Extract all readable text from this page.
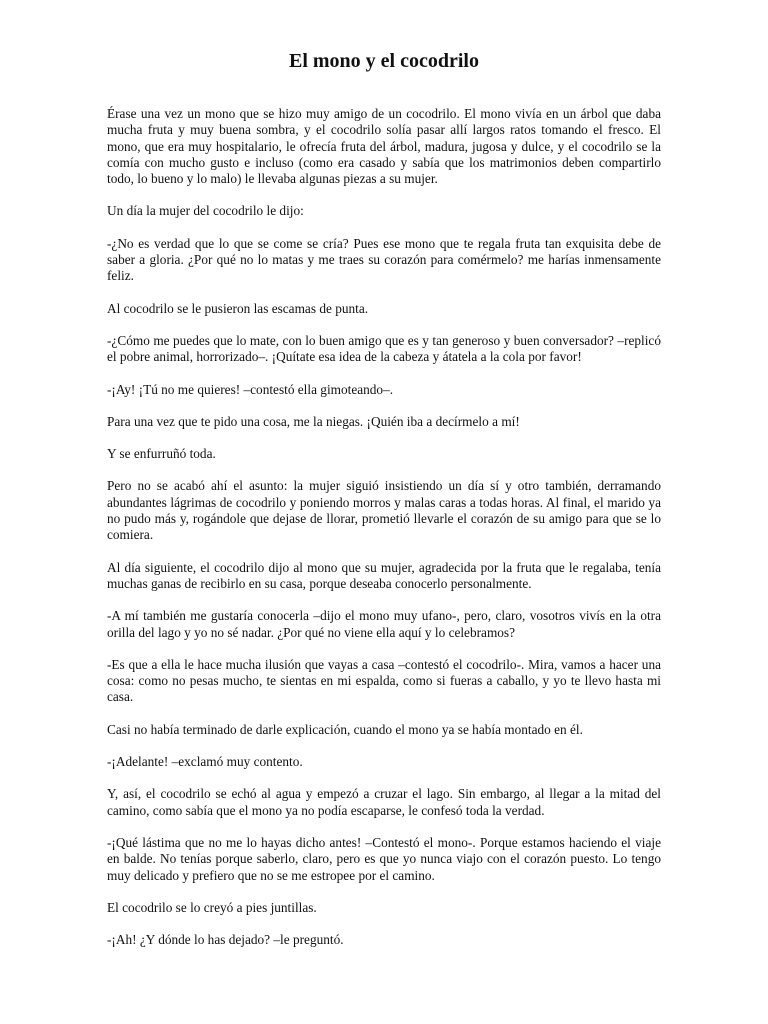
El mono y el cocodrilo

Érase una vez un mono que se hizo muy amigo de un cocodrilo. El mono vivía en un árbol que daba mucha fruta y muy buena sombra, y el cocodrilo solía pasar allí largos ratos tomando el fresco. El mono, que era muy hospitalario, le ofrecía fruta del árbol, madura, jugosa y dulce, y el cocodrilo se la comía con mucho gusto e incluso (como era casado y sabía que los matrimonios deben compartirlo todo, lo bueno y lo malo) le llevaba algunas piezas a su mujer.

Un día la mujer del cocodrilo le dijo:

-¿No es verdad que lo que se come se cría? Pues ese mono que te regala fruta tan exquisita debe de saber a gloria. ¿Por qué no lo matas y me traes su corazón para comérmelo? me harías inmensamente feliz.

Al cocodrilo se le pusieron las escamas de punta.

-¿Cómo me puedes que lo mate, con lo buen amigo que es y tan generoso y buen conversador? –replicó el pobre animal, horrorizado–. ¡Quítate esa idea de la cabeza y átatela a la cola por favor!

-¡Ay! ¡Tú no me quieres! –contestó ella gimoteando–.

Para una vez que te pido una cosa, me la niegas. ¡Quién iba a decírmelo a mí!

Y se enfurruñó toda.

Pero no se acabó ahí el asunto: la mujer siguió insistiendo un día sí y otro también, derramando abundantes lágrimas de cocodrilo y poniendo morros y malas caras a todas horas. Al final, el marido ya no pudo más y, rogándole que dejase de llorar, prometió llevarle el corazón de su amigo para que se lo comiera.

Al día siguiente, el cocodrilo dijo al mono que su mujer, agradecida por la fruta que le regalaba, tenía muchas ganas de recibirlo en su casa, porque deseaba conocerlo personalmente.

-A mí también me gustaría conocerla –dijo el mono muy ufano-, pero, claro, vosotros vivís en la otra orilla del lago y yo no sé nadar. ¿Por qué no viene ella aquí y lo celebramos?

-Es que a ella le hace mucha ilusión que vayas a casa –contestó el cocodrilo-. Mira, vamos a hacer una cosa: como no pesas mucho, te sientas en mi espalda, como si fueras a caballo, y yo te llevo hasta mi casa.

Casi no había terminado de darle explicación, cuando el mono ya se había montado en él.

-¡Adelante! –exclamó muy contento.

Y, así, el cocodrilo se echó al agua y empezó a cruzar el lago. Sin embargo, al llegar a la mitad del camino, como sabía que el mono ya no podía escaparse, le confesó toda la verdad.

-¡Qué lástima que no me lo hayas dicho antes! –Contestó el mono-. Porque estamos haciendo el viaje en balde. No tenías porque saberlo, claro, pero es que yo nunca viajo con el corazón puesto. Lo tengo muy delicado y prefiero que no se me estropee por el camino.

El cocodrilo se lo creyó a pies juntillas.

-¡Ah! ¿Y dónde lo has dejado? –le preguntó.
